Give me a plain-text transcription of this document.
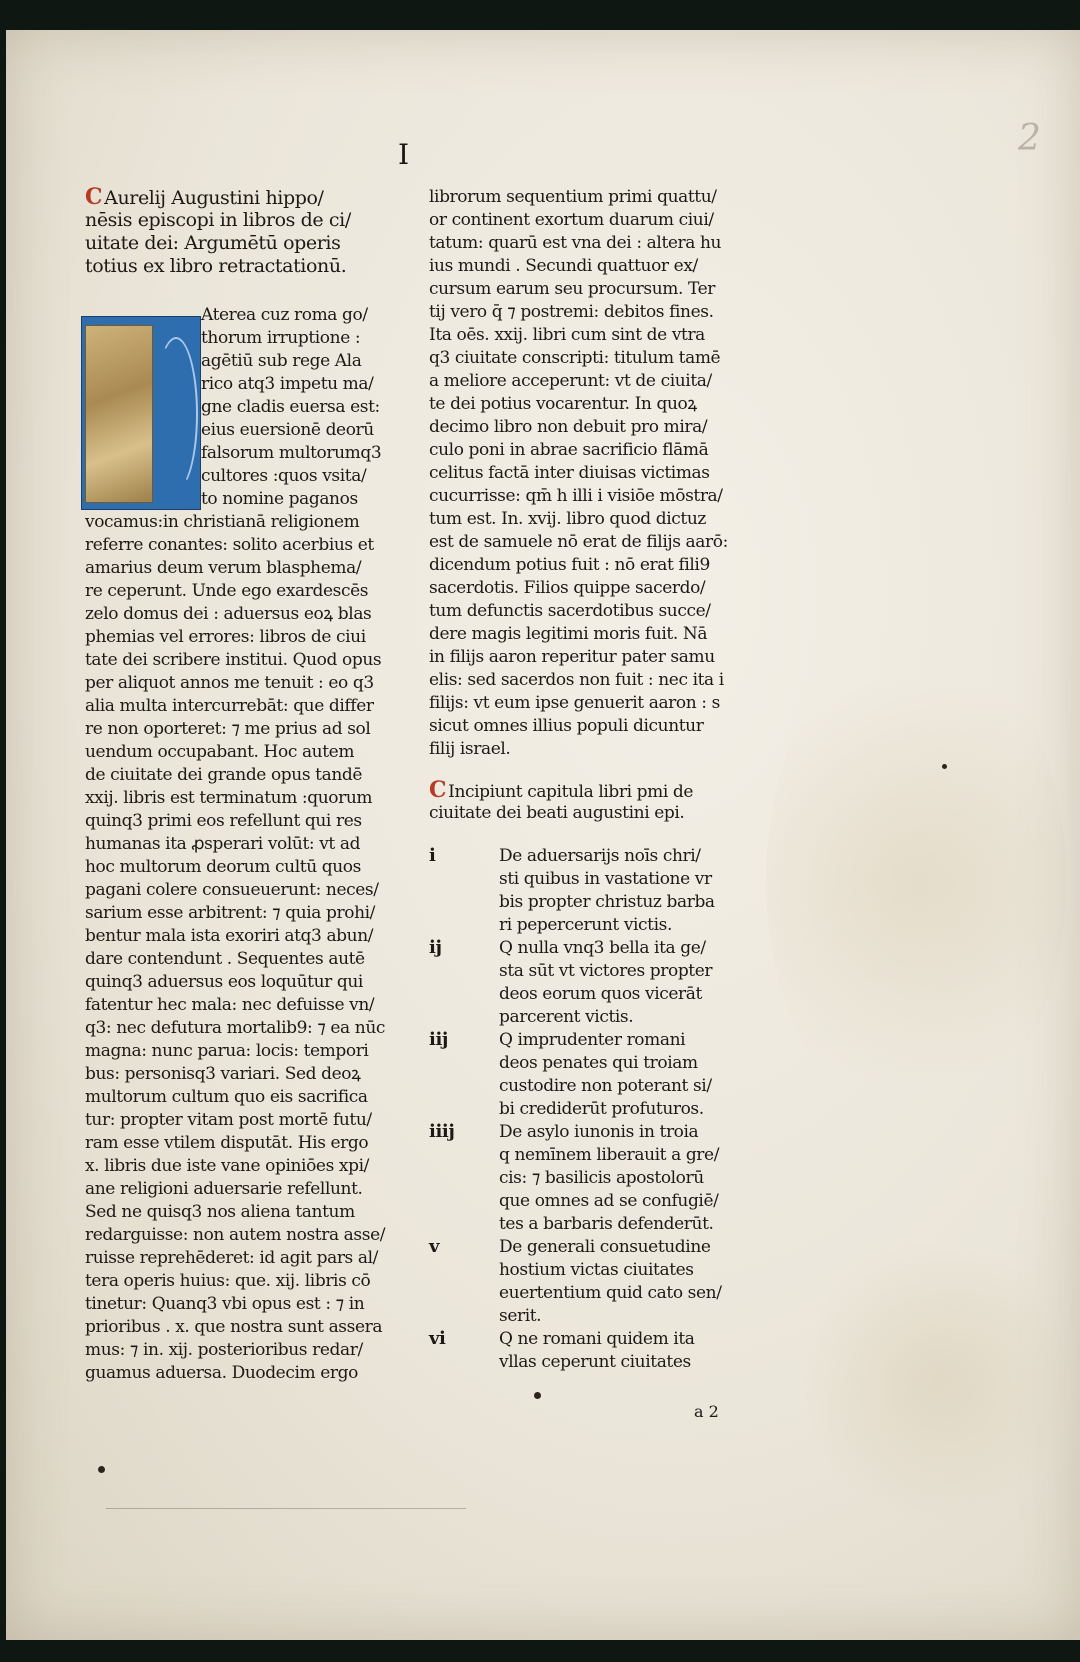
I	2
C Aurelij Augustini hippo/
nēsis episcopi in libros de ci/
uitate dei: Argumētū operis
totius ex libro retractationū.
Aterea cuz roma go/
thorum irruptione :
agētiū sub rege Ala
rico atq3 impetu ma/
gne cladis euersa est:
eius euersionē deorū
falsorum multorumq3
cultores :quos vsita/
to nomine paganos
vocamus:in christianā religionem
referre conantes: solito acerbius et
amarius deum verum blasphema/
re ceperunt. Unde ego exardescēs
zelo domus dei : aduersus eoꝝ blas
phemias vel errores: libros de ciui
tate dei scribere institui. Quod opus
per aliquot annos me tenuit : eo q3
alia multa intercurrebāt: que differ
re non oporteret: ⁊ me prius ad sol
uendum occupabant. Hoc autem
de ciuitate dei grande opus tandē
xxij. libris est terminatum :quorum
quinq3 primi eos refellunt qui res
humanas ita ꝓsperari volūt: vt ad
hoc multorum deorum cultū quos
pagani colere consueuerunt: neces/
sarium esse arbitrent: ⁊ quia prohi/
bentur mala ista exoriri atq3 abun/
dare contendunt . Sequentes autē
quinq3 aduersus eos loquūtur qui
fatentur hec mala: nec defuisse vn/
q3: nec defutura mortalib9: ⁊ ea nūc
magna: nunc parua: locis: tempori
bus: personisq3 variari. Sed deoꝝ
multorum cultum quo eis sacrifica
tur: propter vitam post mortē futu/
ram esse vtilem disputāt. His ergo
x. libris due iste vane opiniōes xpi/
ane religioni aduersarie refellunt.
Sed ne quisq3 nos aliena tantum
redarguisse: non autem nostra asse/
ruisse reprehēderet: id agit pars al/
tera operis huius: que. xij. libris cō
tinetur: Quanq3 vbi opus est : ⁊ in
prioribus . x. que nostra sunt assera
mus: ⁊ in. xij. posterioribus redar/
guamus aduersa. Duodecim ergo
librorum sequentium primi quattu/
or continent exortum duarum ciui/
tatum: quarū est vna dei : altera hu
ius mundi . Secundi quattuor ex/
cursum earum seu procursum. Ter
tij vero q̄ ⁊ postremi: debitos fines.
Ita oēs. xxij. libri cum sint de vtra
q3 ciuitate conscripti: titulum tamē
a meliore acceperunt: vt de ciuita/
te dei potius vocarentur. In quoꝝ
decimo libro non debuit pro mira/
culo poni in abrae sacrificio flāmā
celitus factā inter diuisas victimas
cucurrisse: qm̄ h illi i visiōe mōstra/
tum est. In. xvij. libro quod dictuz
est de samuele nō erat de filijs aarō:
dicendum potius fuit : nō erat fili9
sacerdotis. Filios quippe sacerdo/
tum defunctis sacerdotibus succe/
dere magis legitimi moris fuit. Nā
in filijs aaron reperitur pater samu
elis: sed sacerdos non fuit : nec ita i
filijs: vt eum ipse genuerit aaron : s
sicut omnes illius populi dicuntur
filij israel.
C Incipiunt capitula libri pmi de
ciuitate dei beati augustini epi.
i	De aduersarijs noīs chri/
sti quibus in vastatione vr
bis propter christuz barba
ri pepercerunt victis.
ij	Q nulla vnq3 bella ita ge/
sta sūt vt victores propter
deos eorum quos vicerāt
parcerent victis.
iij	Q imprudenter romani
deos penates qui troiam
custodire non poterant si/
bi crediderūt profuturos.
iiij	De asylo iunonis in troia
q nemīnem liberauit a gre/
cis: ⁊ basilicis apostolorū
que omnes ad se confugiē/
tes a barbaris defenderūt.
v	De generali consuetudine
hostium victas ciuitates
euertentium quid cato sen/
serit.
vi	Q ne romani quidem ita
vllas ceperunt ciuitates
a 2
